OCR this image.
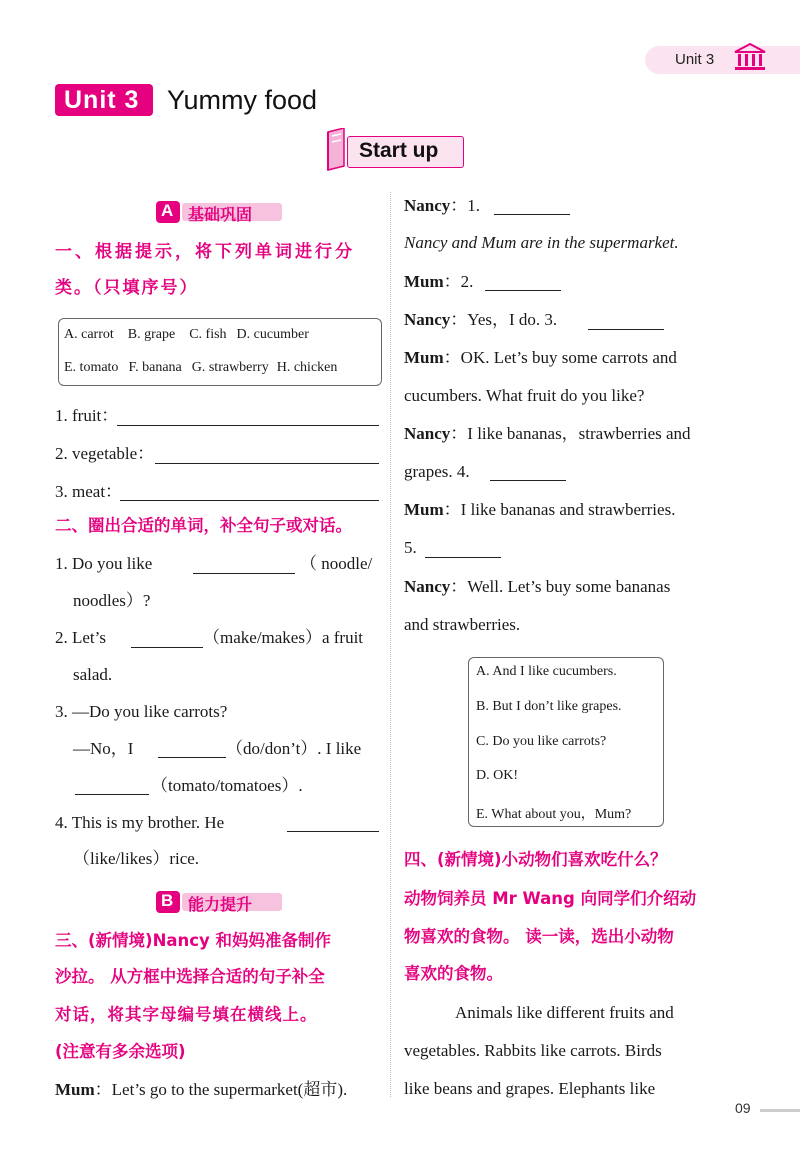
Unit 3
Unit 3 Yummy food
Start up
A 基础巩固
一、根据提示，将下列单词进行分
类。（只填序号）
A. carrot B. grape C. fish D. cucumber
E. tomato F. banana G. strawberry H. chicken
1. fruit：
2. vegetable：
3. meat：
二、圈出合适的单词，补全句子或对话。
1. Do you like	（ noodle/
noodles）?
2. Let’s	（make/makes）a fruit
salad.
3. —Do you like carrots?
—No，I	（do/don’t）. I like
（tomato/tomatoes）.
4. This is my brother. He
（like/likes）rice.
B 能力提升
三、(新情境)Nancy 和妈妈准备制作
沙拉。 从方框中选择合适的句子补全
对话，将其字母编号填在横线上。
(注意有多余选项)
Mum：Let’s go to the supermarket(超市).
Nancy：1.
Nancy and Mum are in the supermarket.
Mum：2.
Nancy：Yes，I do. 3.
Mum：OK. Let’s buy some carrots and
cucumbers. What fruit do you like?
Nancy：I like bananas，strawberries and
grapes. 4.
Mum：I like bananas and strawberries.
5.
Nancy：Well. Let’s buy some bananas
and strawberries.
A. And I like cucumbers.
B. But I don’t like grapes.
C. Do you like carrots?
D. OK!
E. What about you，Mum?
四、(新情境)小动物们喜欢吃什么？
动物饲养员 Mr Wang 向同学们介绍动
物喜欢的食物。 读一读，选出小动物
喜欢的食物。
Animals like different fruits and
vegetables. Rabbits like carrots. Birds
like beans and grapes. Elephants like
09
